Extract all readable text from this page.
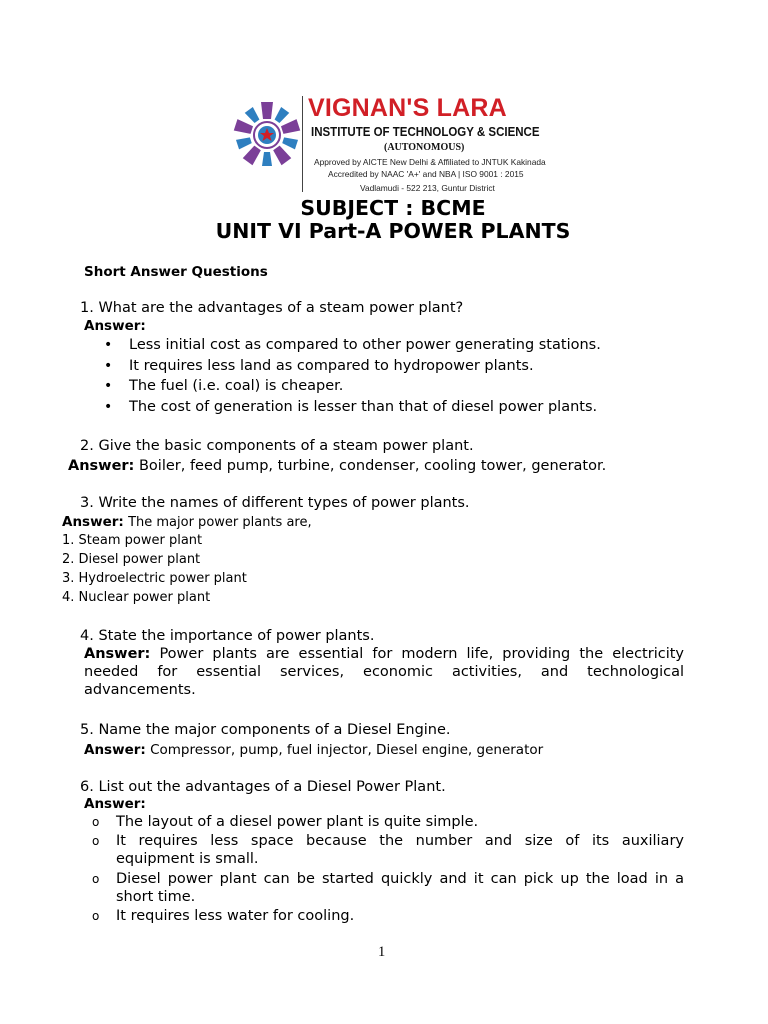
VIGNAN'S LARA
INSTITUTE OF TECHNOLOGY & SCIENCE
(AUTONOMOUS)
Approved by AICTE New Delhi & Affiliated to JNTUK Kakinada
Accredited by NAAC 'A+' and NBA | ISO 9001 : 2015
Vadlamudi - 522 213, Guntur District
SUBJECT : BCME
UNIT VI Part-A POWER PLANTS
Short Answer Questions
1. What are the advantages of a steam power plant?
Answer:
• Less initial cost as compared to other power generating stations.
• It requires less land as compared to hydropower plants.
• The fuel (i.e. coal) is cheaper.
• The cost of generation is lesser than that of diesel power plants.
2. Give the basic components of a steam power plant.
Answer: Boiler, feed pump, turbine, condenser, cooling tower, generator.
3. Write the names of different types of power plants.
Answer: The major power plants are,
1. Steam power plant
2. Diesel power plant
3. Hydroelectric power plant
4. Nuclear power plant
4. State the importance of power plants.
Answer: Power plants are essential for modern life, providing the electricity
needed for essential services, economic activities, and technological
advancements.
5. Name the major components of a Diesel Engine.
Answer: Compressor, pump, fuel injector, Diesel engine, generator
6. List out the advantages of a Diesel Power Plant.
Answer:
o The layout of a diesel power plant is quite simple.
o It requires less space because the number and size of its auxiliary
equipment is small.
o Diesel power plant can be started quickly and it can pick up the load in a
short time.
o It requires less water for cooling.
1
